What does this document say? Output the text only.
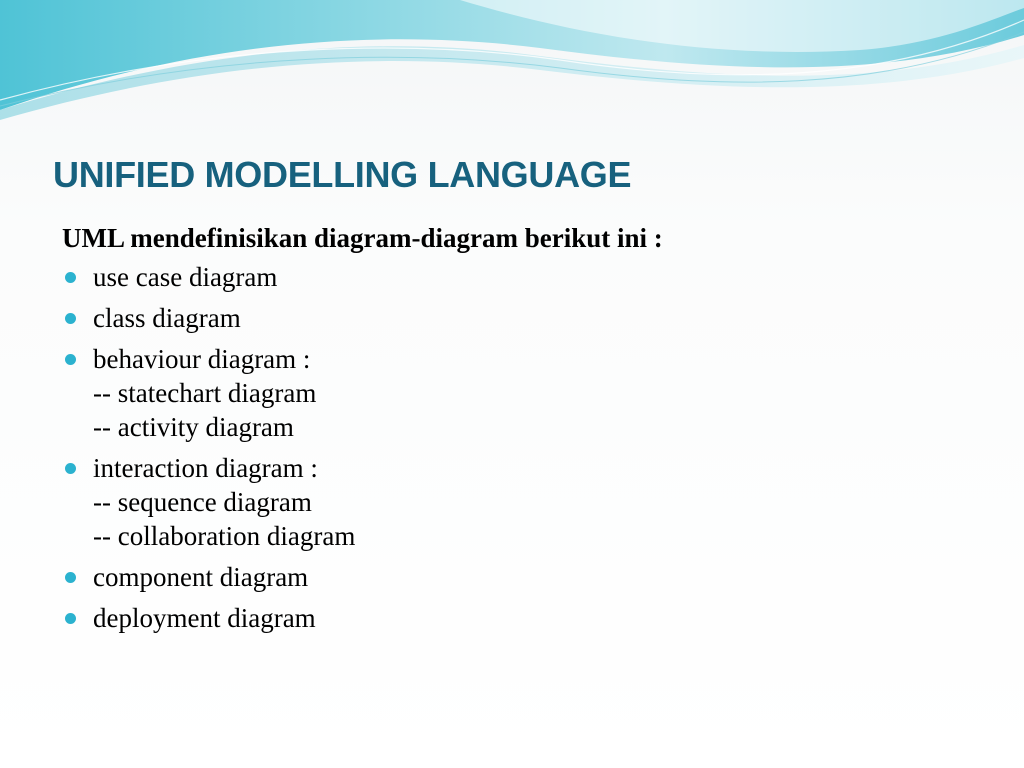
UNIFIED MODELLING LANGUAGE

UML mendefinisikan diagram-diagram berikut ini :

use case diagram
class diagram
behaviour diagram :
-- statechart diagram
-- activity diagram
interaction diagram :
-- sequence diagram
-- collaboration diagram
component diagram
deployment diagram
